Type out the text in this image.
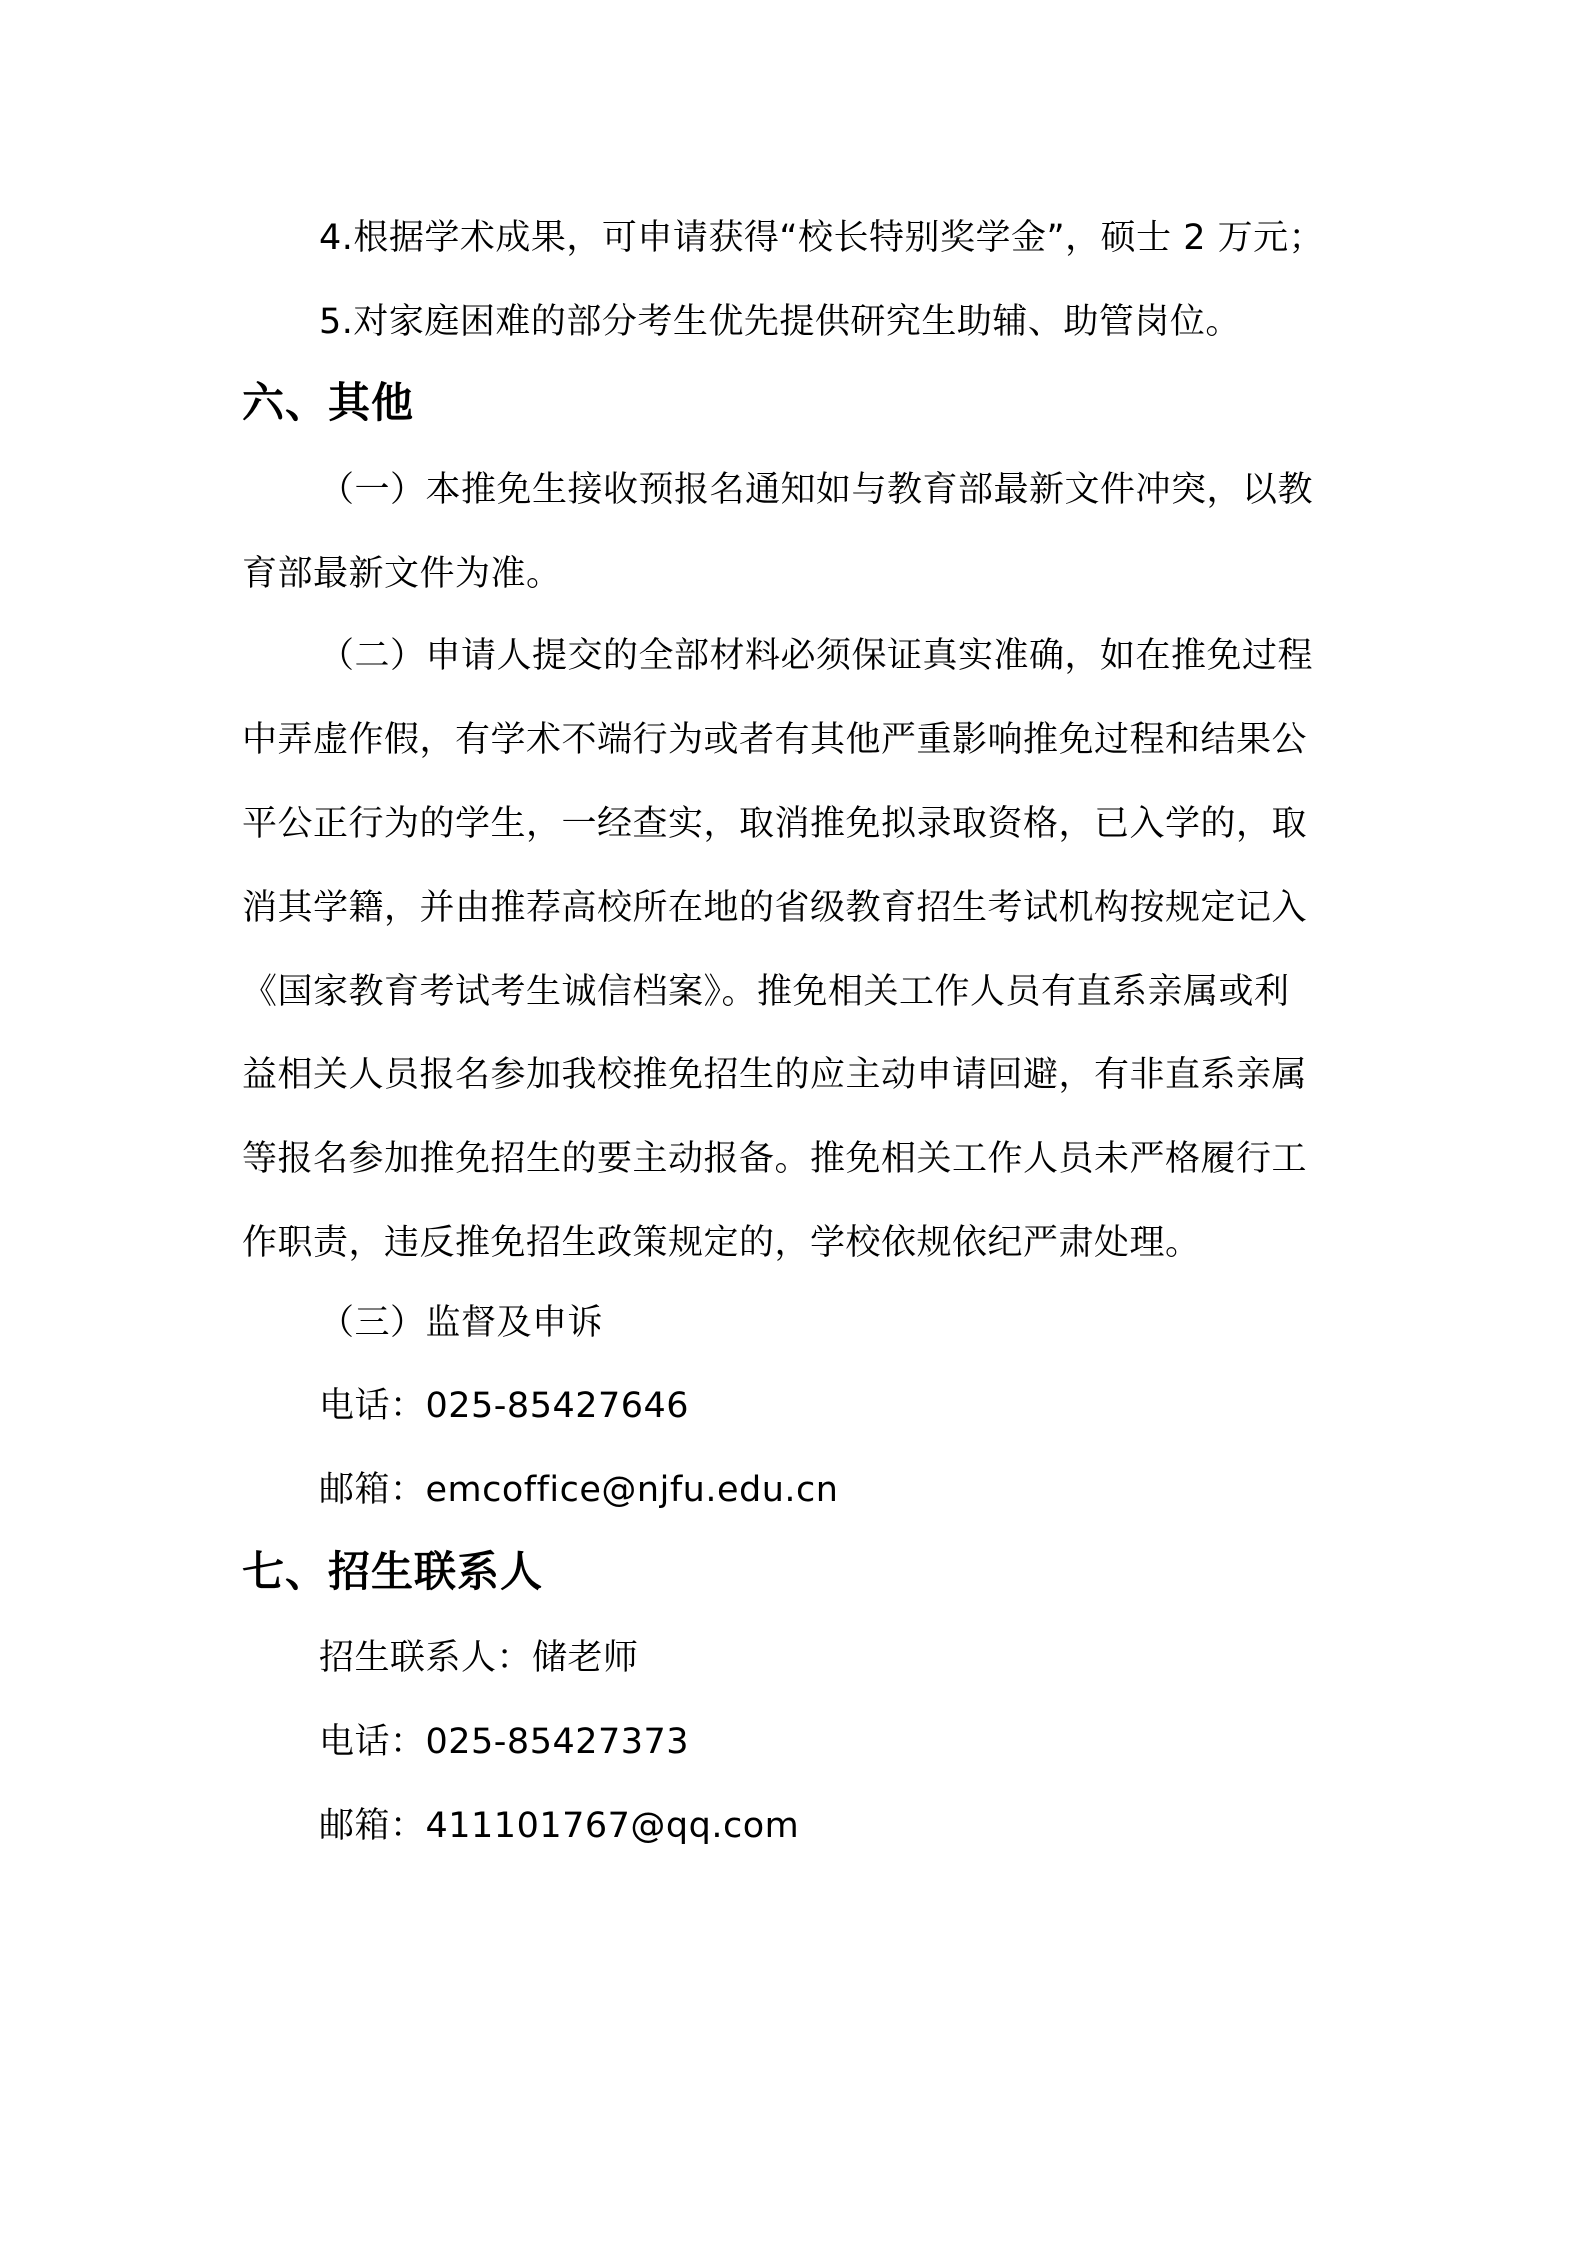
4.根据学术成果，可申请获得“校长特别奖学金”，硕士 2 万元；
5.对家庭困难的部分考生优先提供研究生助辅、助管岗位。
六、其他
（一）本推免生接收预报名通知如与教育部最新文件冲突，以教
育部最新文件为准。
（二）申请人提交的全部材料必须保证真实准确，如在推免过程
中弄虚作假，有学术不端行为或者有其他严重影响推免过程和结果公
平公正行为的学生，一经查实，取消推免拟录取资格，已入学的，取
消其学籍，并由推荐高校所在地的省级教育招生考试机构按规定记入
《国家教育考试考生诚信档案》。推免相关工作人员有直系亲属或利
益相关人员报名参加我校推免招生的应主动申请回避，有非直系亲属
等报名参加推免招生的要主动报备。推免相关工作人员未严格履行工
作职责，违反推免招生政策规定的，学校依规依纪严肃处理。
（三）监督及申诉
电话：025-85427646
邮箱：emcoffice@njfu.edu.cn
七、招生联系人
招生联系人：储老师
电话：025-85427373
邮箱：411101767@qq.com
